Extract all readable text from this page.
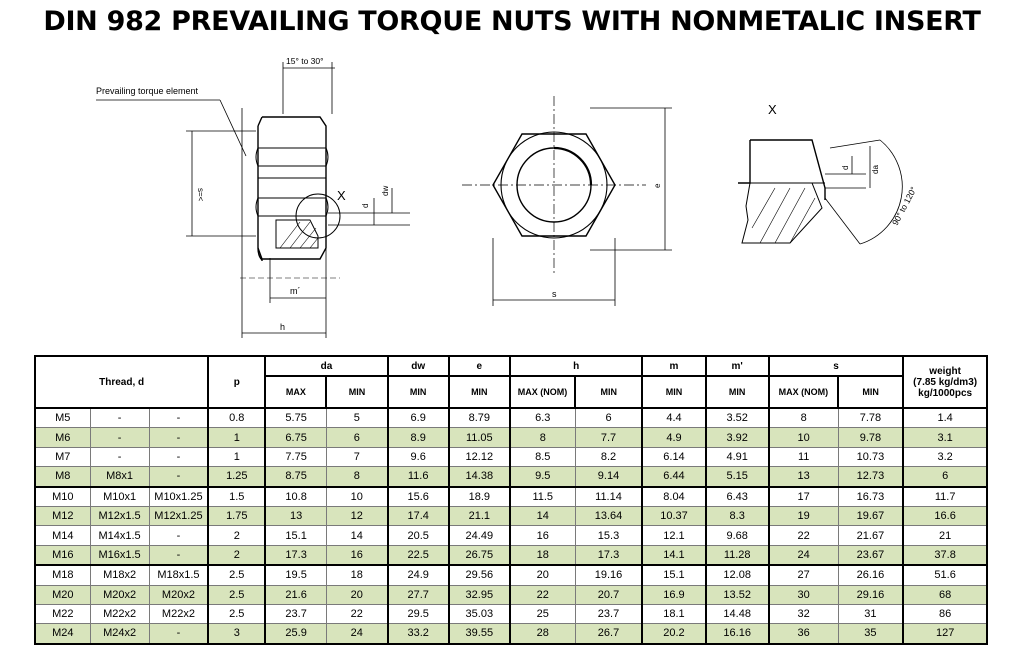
DIN 982 PREVAILING TORQUE NUTS WITH NONMETALIC INSERT
Prevailing torque element
15° to 30°
s=<	X
d
dw
m´
h
e
s
X
d	da
90° to 120°
Thread, d			p	da		dw	e	h		m	m'	s		weight
(7.85 kg/dm3)
kg/1000pcs

				MAX	MIN	MIN	MIN	MAX (NOM)	MIN	MIN	MIN	MAX (NOM)	MIN	
M5	-	-	0.8	5.75	5	6.9	8.79	6.3	6	4.4	3.52	8	7.78	1.4
M6	-	-	1	6.75	6	8.9	11.05	8	7.7	4.9	3.92	10	9.78	3.1
M7	-	-	1	7.75	7	9.6	12.12	8.5	8.2	6.14	4.91	11	10.73	3.2
M8	M8x1	-	1.25	8.75	8	11.6	14.38	9.5	9.14	6.44	5.15	13	12.73	6
M10	M10x1	M10x1.25	1.5	10.8	10	15.6	18.9	11.5	11.14	8.04	6.43	17	16.73	11.7
M12	M12x1.5	M12x1.25	1.75	13	12	17.4	21.1	14	13.64	10.37	8.3	19	19.67	16.6
M14	M14x1.5	-	2	15.1	14	20.5	24.49	16	15.3	12.1	9.68	22	21.67	21
M16	M16x1.5	-	2	17.3	16	22.5	26.75	18	17.3	14.1	11.28	24	23.67	37.8
M18	M18x2	M18x1.5	2.5	19.5	18	24.9	29.56	20	19.16	15.1	12.08	27	26.16	51.6
M20	M20x2	M20x2	2.5	21.6	20	27.7	32.95	22	20.7	16.9	13.52	30	29.16	68
M22	M22x2	M22x2	2.5	23.7	22	29.5	35.03	25	23.7	18.1	14.48	32	31	86
M24	M24x2	-	3	25.9	24	33.2	39.55	28	26.7	20.2	16.16	36	35	127
